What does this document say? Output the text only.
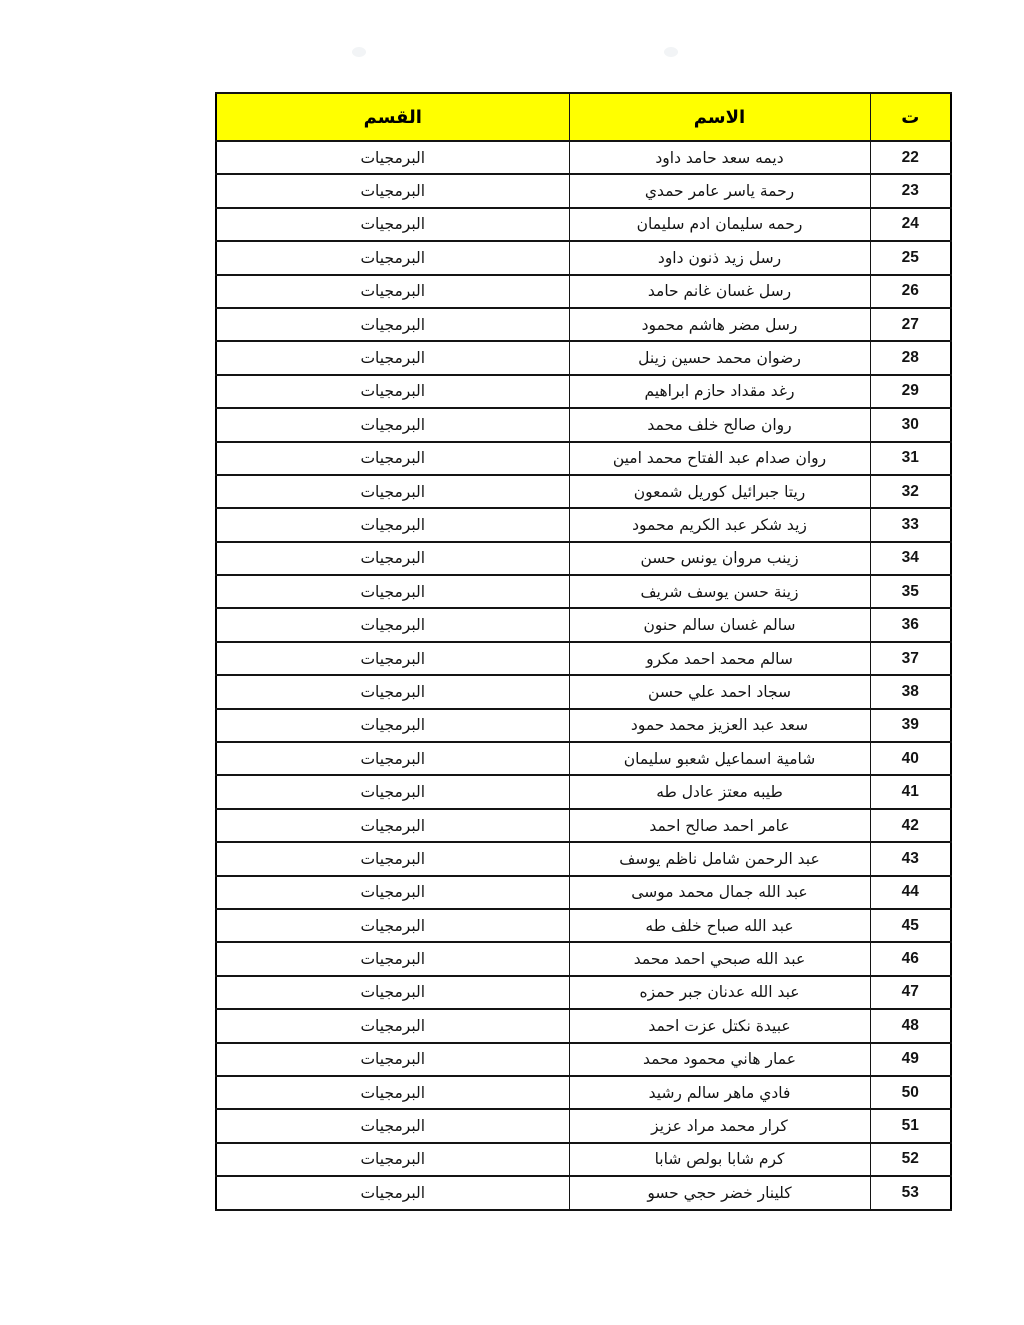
ت	الاسم	القسم
22	ديمه سعد حامد داود	البرمجيات
23	رحمة ياسر عامر حمدي	البرمجيات
24	رحمه سليمان ادم سليمان	البرمجيات
25	رسل زيد ذنون داود	البرمجيات
26	رسل غسان غانم حامد	البرمجيات
27	رسل مضر هاشم محمود	البرمجيات
28	رضوان محمد حسين زينل	البرمجيات
29	رغد مقداد حازم ابراهيم	البرمجيات
30	روان صالح خلف محمد	البرمجيات
31	روان صدام عبد الفتاح محمد امين	البرمجيات
32	ريتا جبرائيل كوريل شمعون	البرمجيات
33	زيد شكر عبد الكريم محمود	البرمجيات
34	زينب مروان يونس حسن	البرمجيات
35	زينة حسن يوسف شريف	البرمجيات
36	سالم غسان سالم حنون	البرمجيات
37	سالم محمد احمد مكرو	البرمجيات
38	سجاد احمد علي حسن	البرمجيات
39	سعد عبد العزيز محمد حمود	البرمجيات
40	شامية اسماعيل شعبو سليمان	البرمجيات
41	طيبه معتز عادل طه	البرمجيات
42	عامر احمد صالح احمد	البرمجيات
43	عبد الرحمن شامل ناظم يوسف	البرمجيات
44	عبد الله جمال محمد موسى	البرمجيات
45	عبد الله صباح خلف طه	البرمجيات
46	عبد الله صبحي احمد محمد	البرمجيات
47	عبد الله عدنان جبر حمزه	البرمجيات
48	عبيدة نكتل عزت احمد	البرمجيات
49	عمار هاني محمود محمد	البرمجيات
50	فادي ماهر سالم رشيد	البرمجيات
51	كرار محمد مراد عزيز	البرمجيات
52	كرم شابا بولص شابا	البرمجيات
53	كلينار خضر حجي حسو	البرمجيات
